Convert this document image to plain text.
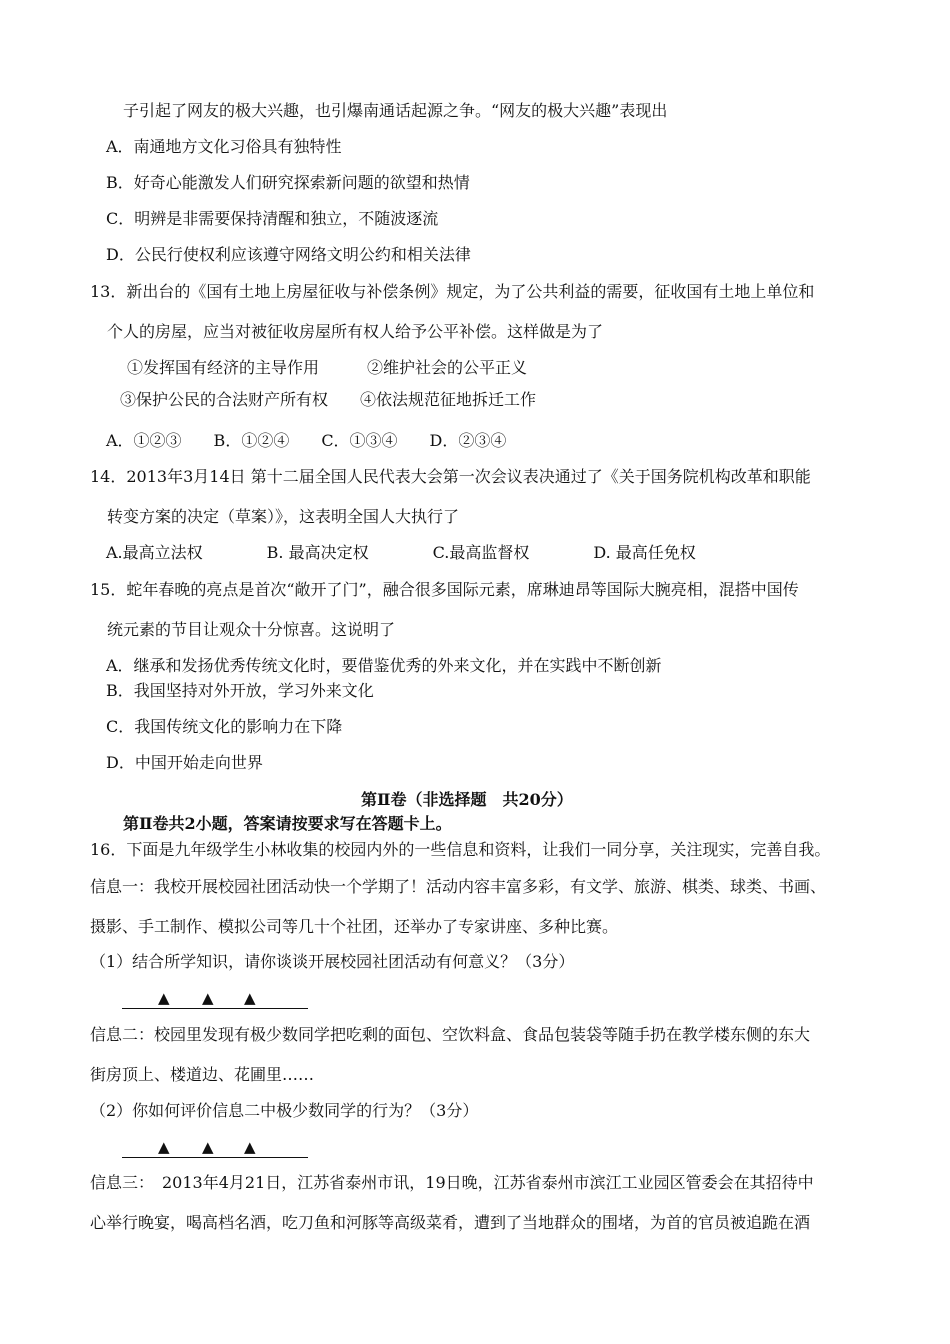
子引起了网友的极大兴趣，也引爆南通话起源之争。“网友的极大兴趣”表现出
A．南通地方文化习俗具有独特性
B．好奇心能激发人们研究探索新问题的欲望和热情
C．明辨是非需要保持清醒和独立，不随波逐流
D．公民行使权利应该遵守网络文明公约和相关法律
13．新出台的《国有土地上房屋征收与补偿条例》规定，为了公共利益的需要，征收国有土地上单位和
个人的房屋，应当对被征收房屋所有权人给予公平补偿。这样做是为了
①发挥国有经济的主导作用　　　②维护社会的公平正义
③保护公民的合法财产所有权　　④依法规范征地拆迁工作
A．①②③　　B．①②④　　C．①③④　　D．②③④
14．2013年3月14日 第十二届全国人民代表大会第一次会议表决通过了《关于国务院机构改革和职能
转变方案的决定（草案）》，这表明全国人大执行了
A.最高立法权　　　　B. 最高决定权　　　　C.最高监督权　　　　D. 最高任免权
15．蛇年春晚的亮点是首次“敞开了门”，融合很多国际元素，席琳迪昂等国际大腕亮相，混搭中国传
统元素的节目让观众十分惊喜。这说明了
A．继承和发扬优秀传统文化时，要借鉴优秀的外来文化，并在实践中不断创新
B．我国坚持对外开放，学习外来文化
C．我国传统文化的影响力在下降
D．中国开始走向世界
第Ⅱ卷（非选择题　共20分）
第Ⅱ卷共2小题，答案请按要求写在答题卡上。
16．下面是九年级学生小林收集的校园内外的一些信息和资料，让我们一同分享，关注现实，完善自我。
信息一：我校开展校园社团活动快一个学期了！活动内容丰富多彩，有文学、旅游、棋类、球类、书画、
摄影、手工制作、模拟公司等几十个社团，还举办了专家讲座、多种比赛。
（1）结合所学知识，请你谈谈开展校园社团活动有何意义？（3分）
▲ ▲ ▲
信息二：校园里发现有极少数同学把吃剩的面包、空饮料盒、食品包装袋等随手扔在教学楼东侧的东大
街房顶上、楼道边、花圃里……
（2）你如何评价信息二中极少数同学的行为？（3分）
▲ ▲ ▲
信息三：　2013年4月21日，江苏省泰州市讯，19日晚，江苏省泰州市滨江工业园区管委会在其招待中
心举行晚宴，喝高档名酒，吃刀鱼和河豚等高级菜肴，遭到了当地群众的围堵，为首的官员被追跪在酒
